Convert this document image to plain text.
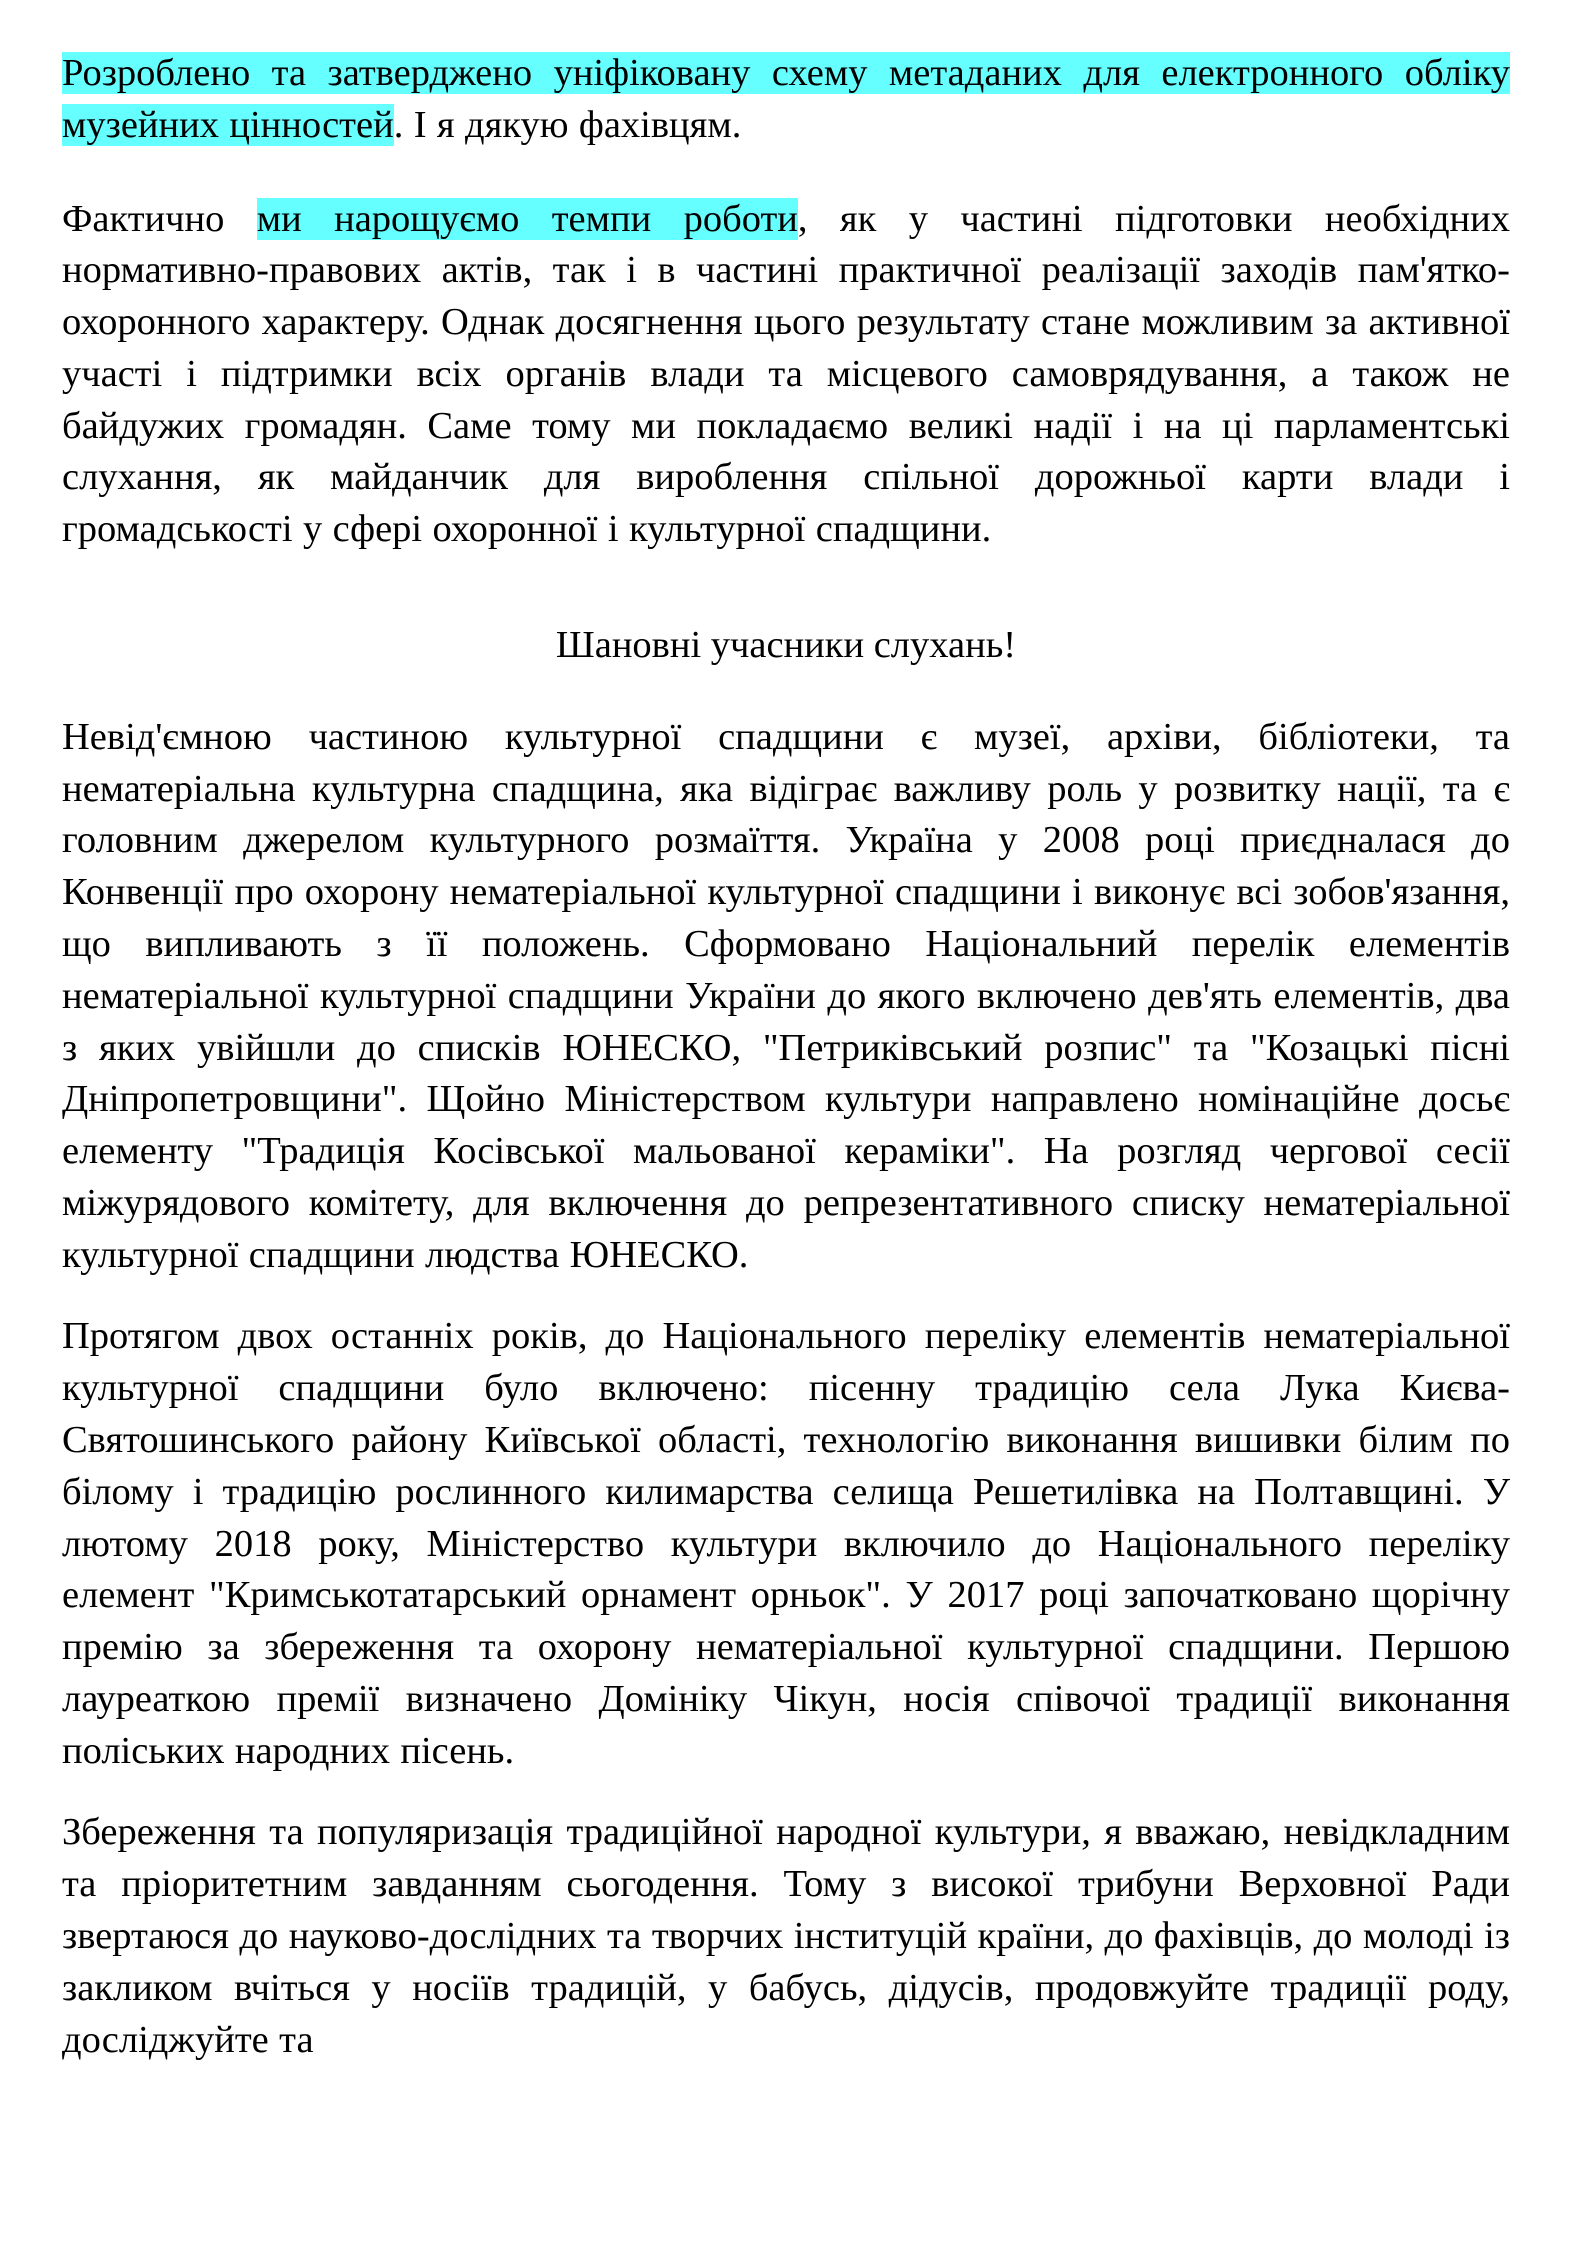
Розроблено та затверджено уніфіковану схему метаданих для електронного обліку музейних цінностей. І я дякую фахівцям.

Фактично ми нарощуємо темпи роботи, як у частині підготовки необхідних нормативно-правових актів, так і в частині практичної реалізації заходів пам'ятко-охоронного характеру. Однак досягнення цього результату стане можливим за активної участі і підтримки всіх органів влади та місцевого самоврядування, а також не байдужих громадян. Саме тому ми покладаємо великі надії і на ці парламентські слухання, як майданчик для вироблення спільної дорожньої карти влади і громадськості у сфері охоронної і культурної спадщини.

Шановні учасники слухань!

Невід'ємною частиною культурної спадщини є музеї, архіви, бібліотеки, та нематеріальна культурна спадщина, яка відіграє важливу роль у розвитку нації, та є головним джерелом культурного розмаїття. Україна у 2008 році приєдналася до Конвенції про охорону нематеріальної культурної спадщини і виконує всі зобов'язання, що випливають з її положень. Сформовано Національний перелік елементів нематеріальної культурної спадщини України до якого включено дев'ять елементів, два з яких увійшли до списків ЮНЕСКО, "Петриківський розпис" та "Козацькі пісні Дніпропетровщини". Щойно Міністерством культури направлено номінаційне досьє елементу "Традиція Косівської мальованої кераміки". На розгляд чергової сесії міжурядового комітету, для включення до репрезентативного списку нематеріальної культурної спадщини людства ЮНЕСКО.

Протягом двох останніх років, до Національного переліку елементів нематеріальної культурної спадщини було включено: пісенну традицію села Лука Києва-Святошинського району Київської області, технологію виконання вишивки білим по білому і традицію рослинного килимарства селища Решетилівка на Полтавщині. У лютому 2018 року, Міністерство культури включило до Національного переліку елемент "Кримськотатарський орнамент орньок". У 2017 році започатковано щорічну премію за збереження та охорону нематеріальної культурної спадщини. Першою лауреаткою премії визначено Домініку Чікун, носія співочої традиції виконання поліських народних пісень.

Збереження та популяризація традиційної народної культури, я вважаю, невідкладним та пріоритетним завданням сьогодення. Тому з високої трибуни Верховної Ради звертаюся до науково-дослідних та творчих інституцій країни, до фахівців, до молоді із закликом вчіться у носіїв традицій, у бабусь, дідусів, продовжуйте традиції роду, досліджуйте та
